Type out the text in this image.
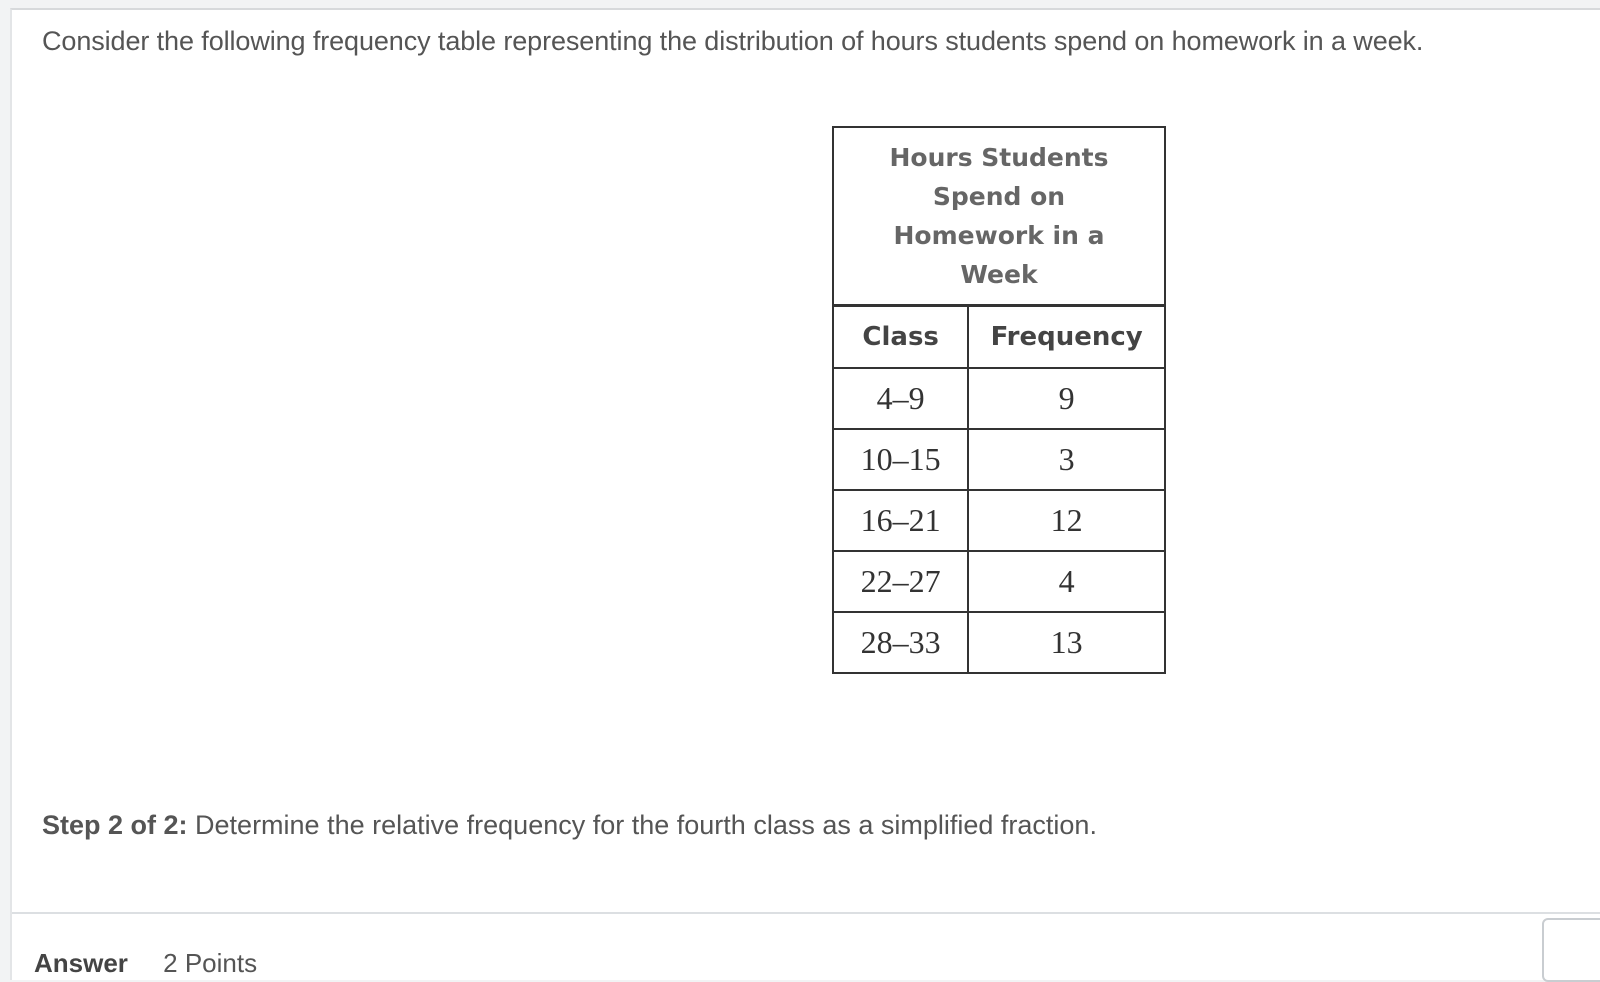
Consider the following frequency table representing the distribution of hours students spend on homework in a week.

Hours Students
Spend on
Homework in a
Week	

Class	Frequency
4–9	9
10–15	3
16–21	12
22–27	4
28–33	13

Step 2 of 2: Determine the relative frequency for the fourth class as a simplified fraction.

Answer 2 Points
